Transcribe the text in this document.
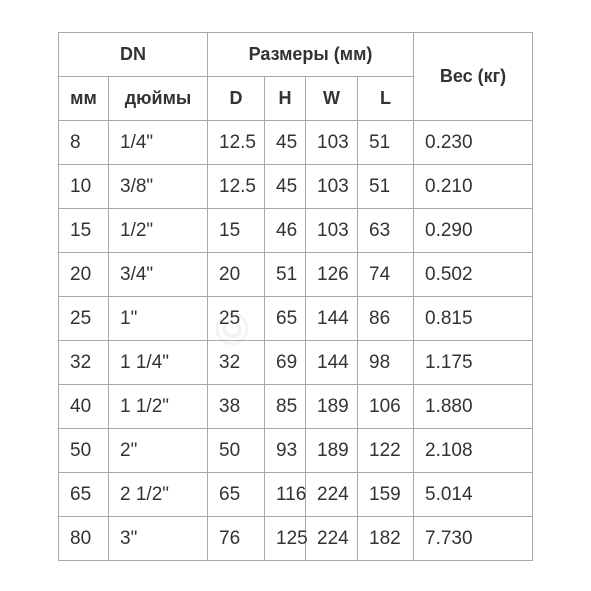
DN		Размеры (мм)				Вес (кг)
мм	дюймы	D	H	W	L	
8	1/4"	12.5	45	103	51	0.230
10	3/8"	12.5	45	103	51	0.210
15	1/2"	15	46	103	63	0.290
20	3/4"	20	51	126	74	0.502
25	1"	25	65	144	86	0.815
32	1 1/4"	32	69	144	98	1.175
40	1 1/2"	38	85	189	106	1.880
50	2"	50	93	189	122	2.108
65	2 1/2"	65	116	224	159	5.014
80	3"	76	125	224	182	7.730
